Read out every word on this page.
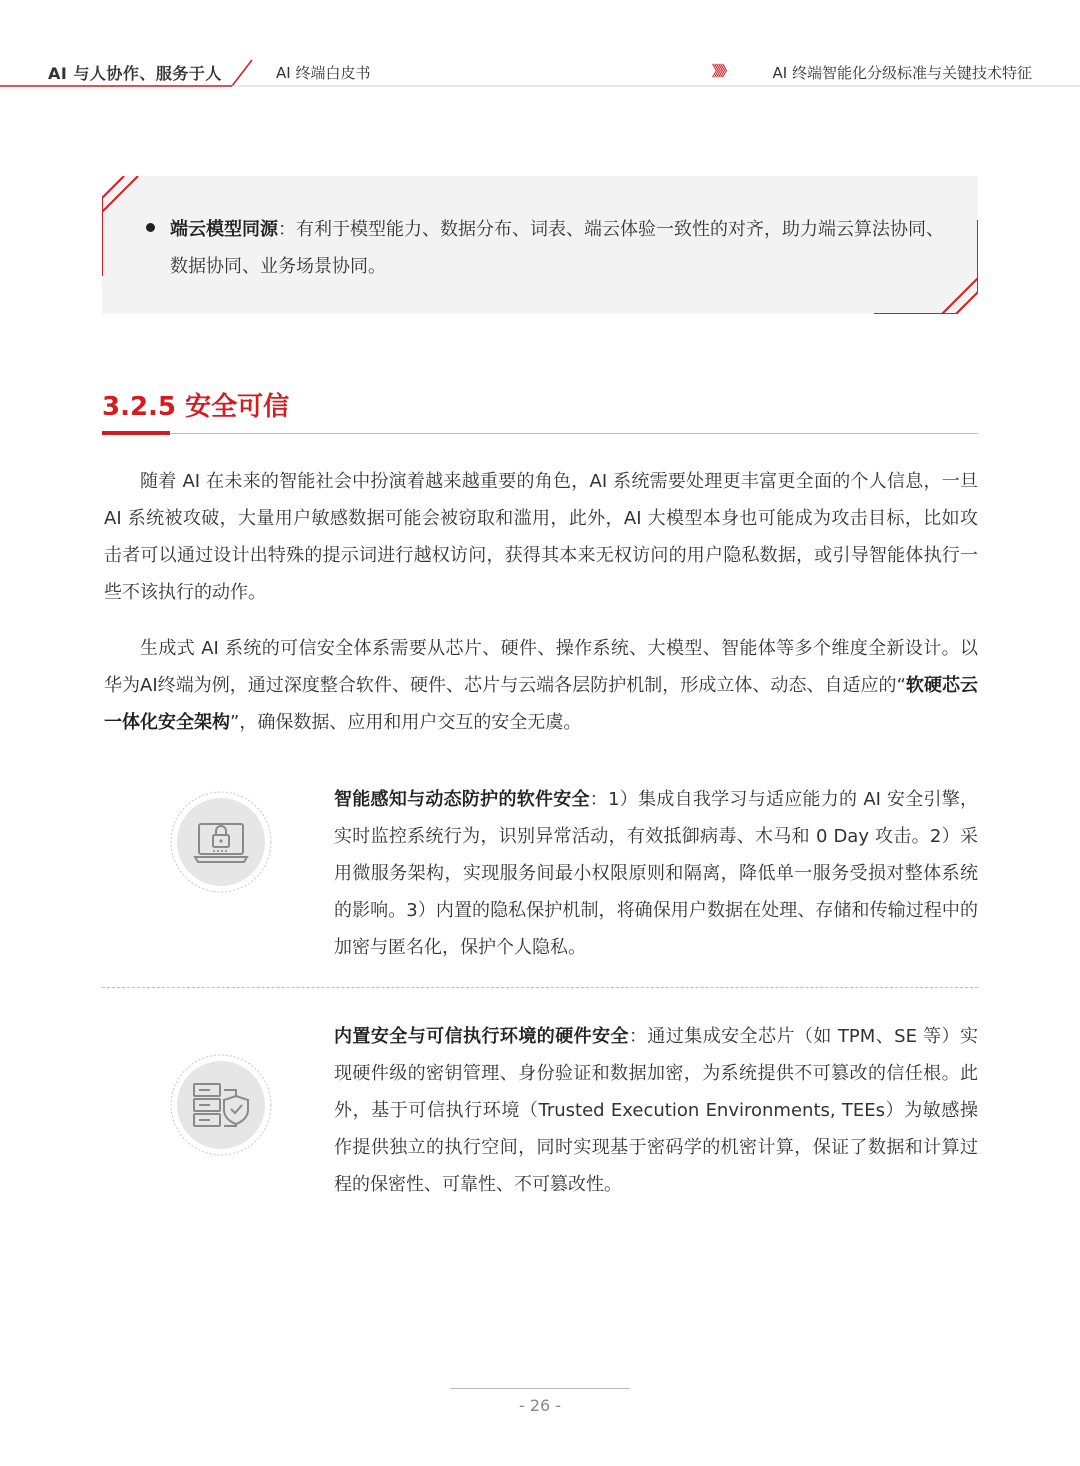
AI 与人协作、服务于人	AI 终端白皮书	》》》	AI 终端智能化分级标准与关键技术特征
端云模型同源：有利于模型能力、数据分布、词表、端云体验一致性的对齐，助力端云算法协同、数据协同、业务场景协同。
3.2.5 安全可信
随着 AI 在未来的智能社会中扮演着越来越重要的角色，AI 系统需要处理更丰富更全面的个人信息，一旦 AI 系统被攻破，大量用户敏感数据可能会被窃取和滥用，此外，AI 大模型本身也可能成为攻击目标，比如攻击者可以通过设计出特殊的提示词进行越权访问，获得其本来无权访问的用户隐私数据，或引导智能体执行一些不该执行的动作。
生成式 AI 系统的可信安全体系需要从芯片、硬件、操作系统、大模型、智能体等多个维度全新设计。以华为AI终端为例，通过深度整合软件、硬件、芯片与云端各层防护机制，形成立体、动态、自适应的“软硬芯云一体化安全架构”，确保数据、应用和用户交互的安全无虞。
智能感知与动态防护的软件安全：1）集成自我学习与适应能力的 AI 安全引擎，实时监控系统行为，识别异常活动，有效抵御病毒、木马和 0 Day 攻击。2）采用微服务架构，实现服务间最小权限原则和隔离，降低单一服务受损对整体系统的影响。3）内置的隐私保护机制，将确保用户数据在处理、存储和传输过程中的加密与匿名化，保护个人隐私。
内置安全与可信执行环境的硬件安全：通过集成安全芯片（如 TPM、SE 等）实现硬件级的密钥管理、身份验证和数据加密，为系统提供不可篡改的信任根。此外，基于可信执行环境（Trusted Execution Environments, TEEs）为敏感操作提供独立的执行空间，同时实现基于密码学的机密计算，保证了数据和计算过程的保密性、可靠性、不可篡改性。
- 26 -
